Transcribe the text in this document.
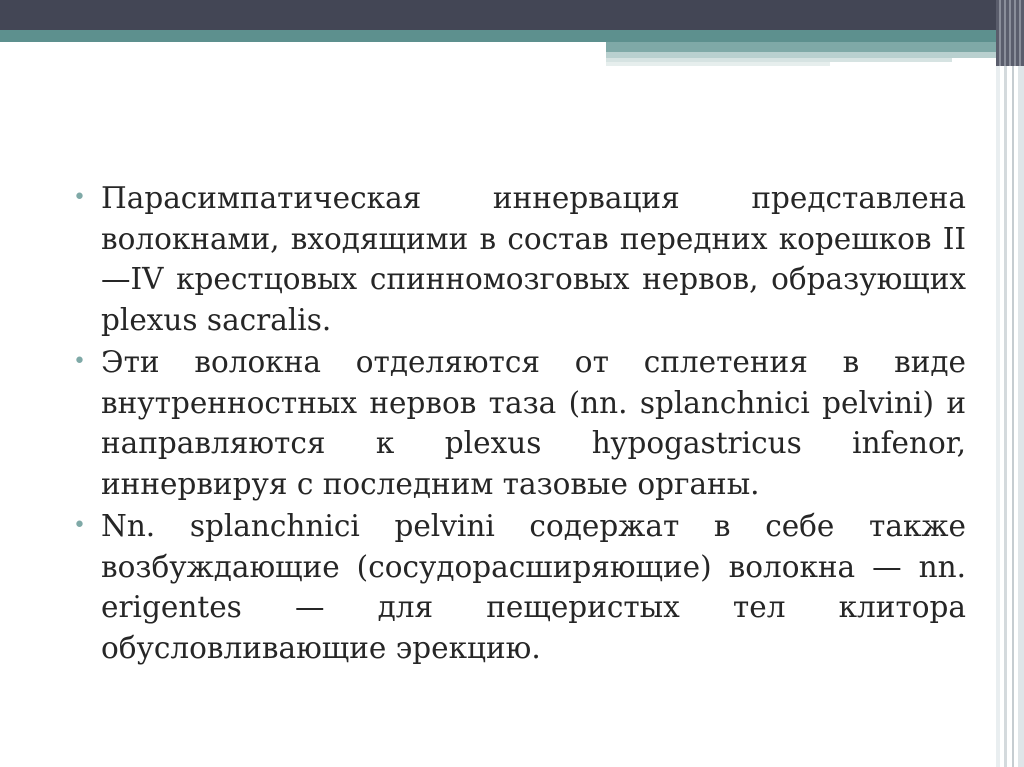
• Парасимпатическая иннервация представлена волокнами, входящими в состав передних корешков II—IV крестцовых спинномозговых нервов, образующих plexus sacralis.

• Эти волокна отделяются от сплетения в виде внутренностных нервов таза (nn. splanchnici pelvini) и направляются к plexus hypogastricus infenor, иннервируя с последним тазовые органы.

• Nn. splanchnici pelvini содержат в себе также возбуждающие (сосудорасширяющие) волокна — nn. erigentes — для пещеристых тел клитора обусловливающие эрекцию.
